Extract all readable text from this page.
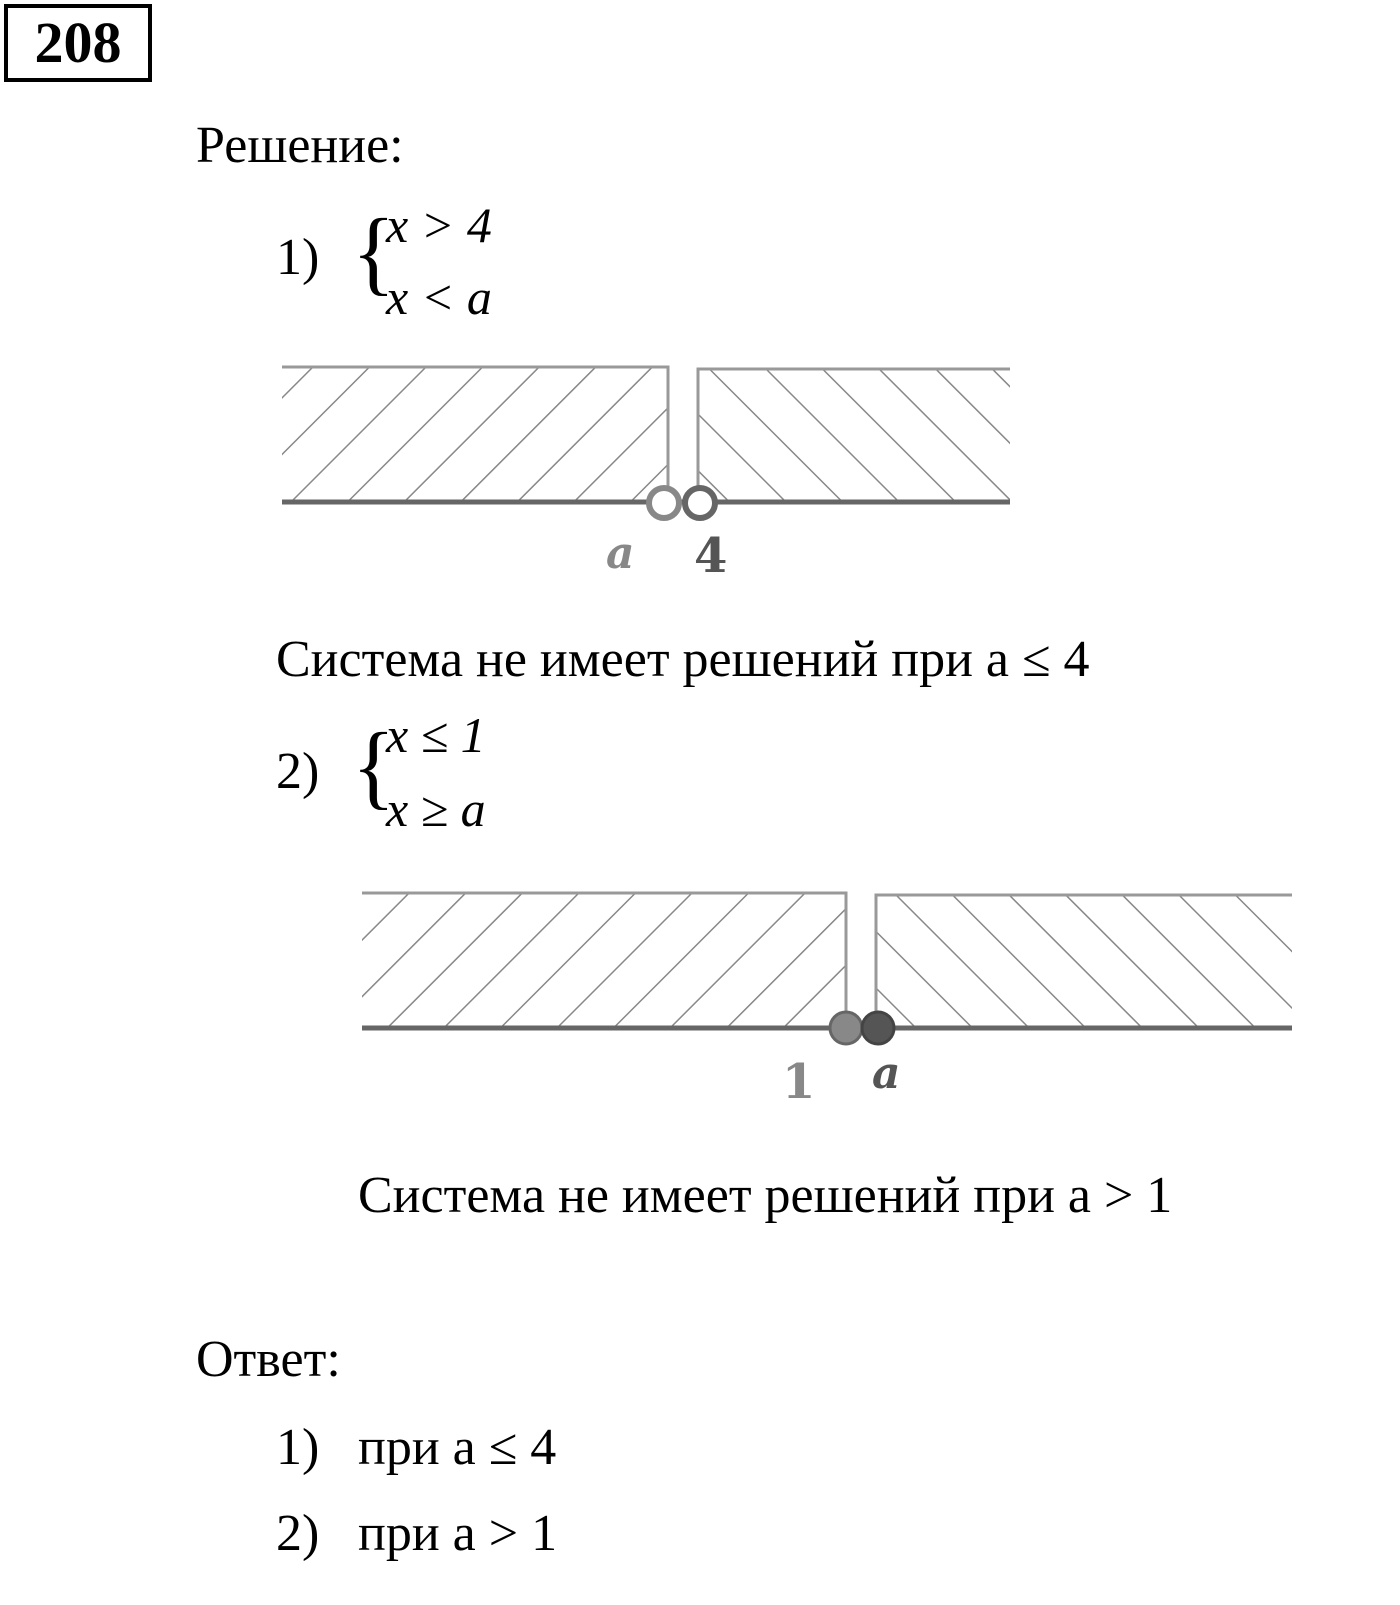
208
Решение:
1) {
x > 4
x < a
a 4
1 a
Система не имеет решений при a ≤ 4
2) {
x ≤ 1
x ≥ a
Система не имеет решений при a > 1
Ответ:
1) при a ≤ 4
2) при a > 1
